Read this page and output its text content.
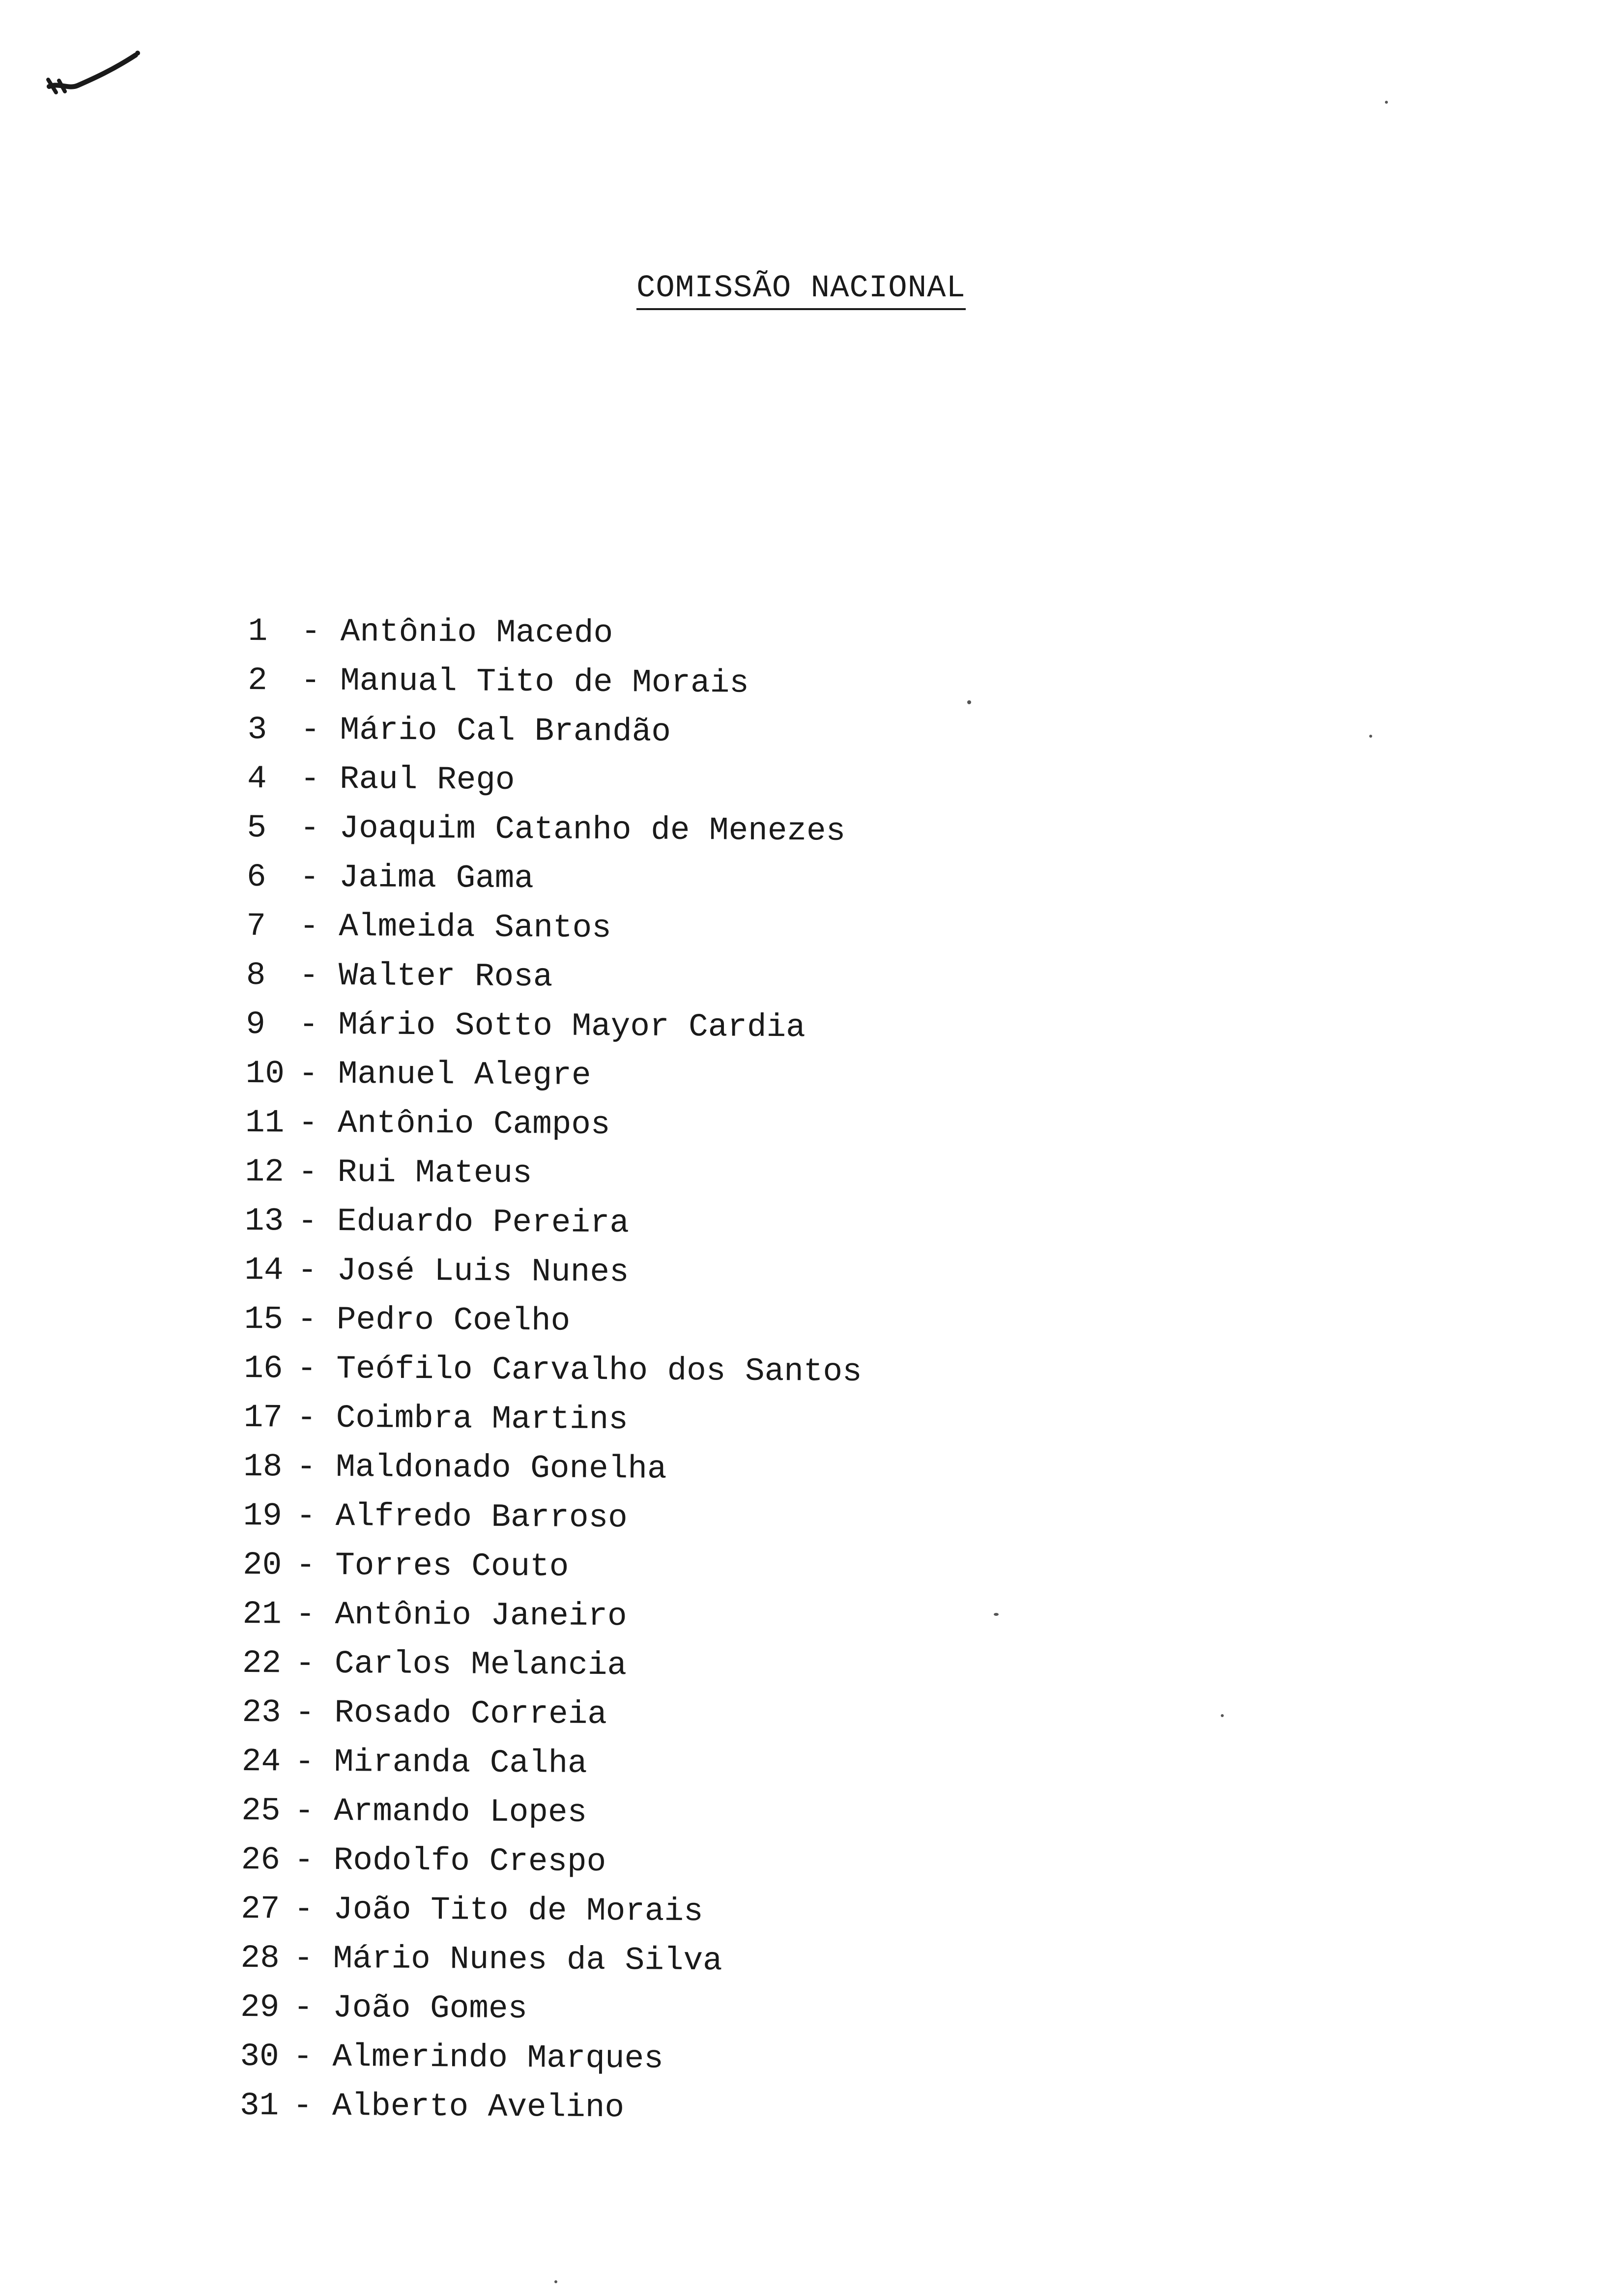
COMISSÃO NACIONAL
1	- Antônio Macedo
2	- Manual Tito de Morais
3	- Mário Cal Brandão
4	- Raul Rego
5	- Joaquim Catanho de Menezes
6	- Jaima Gama
7	- Almeida Santos
8	- Walter Rosa
9	- Mário Sotto Mayor Cardia
10 - Manuel Alegre
11 - Antônio Campos
12 - Rui Mateus
13 - Eduardo Pereira
14 - José Luis Nunes
15 - Pedro Coelho
16 - Teófilo Carvalho dos Santos
17 - Coimbra Martins
18 - Maldonado Gonelha
19 - Alfredo Barroso
20 - Torres Couto
21 - Antônio Janeiro
22 - Carlos Melancia
23 - Rosado Correia
24 - Miranda Calha
25 - Armando Lopes
26 - Rodolfo Crespo
27 - João Tito de Morais
28 - Mário Nunes da Silva
29 - João Gomes
30 - Almerindo Marques
31 - Alberto Avelino
